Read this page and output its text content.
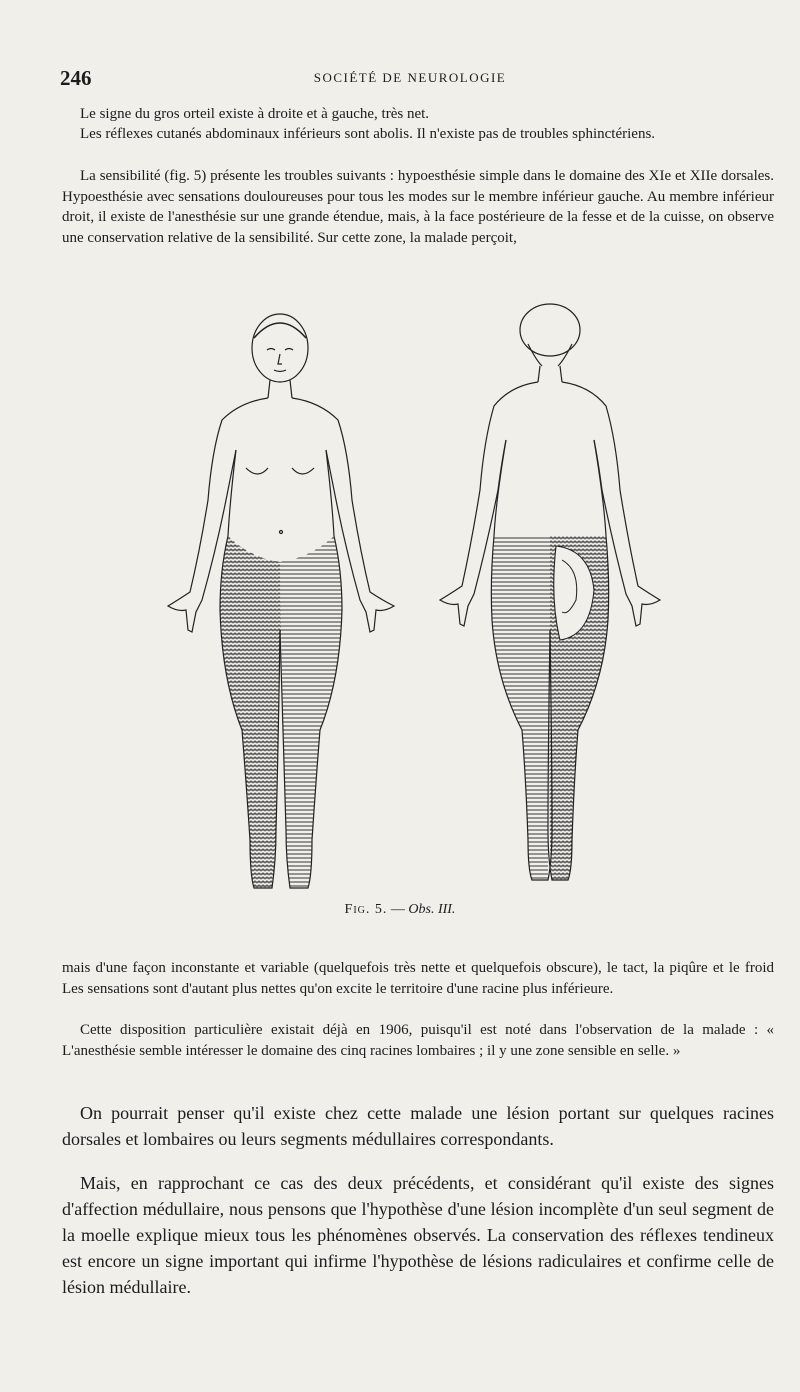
246	SOCIÉTÉ DE NEUROLOGIE

Le signe du gros orteil existe à droite et à gauche, très net.

Les réflexes cutanés abdominaux inférieurs sont abolis. Il n'existe pas de troubles sphinctériens.

La sensibilité (fig. 5) présente les troubles suivants : hypoesthésie simple dans le domaine des XIe et XIIe dorsales. Hypoesthésie avec sensations douloureuses pour tous les modes sur le membre inférieur gauche. Au membre inférieur droit, il existe de l'anesthésie sur une grande étendue, mais, à la face postérieure de la fesse et de la cuisse, on observe une conservation relative de la sensibilité. Sur cette zone, la malade perçoit,

Fig. 5. — Obs. III.

mais d'une façon inconstante et variable (quelquefois très nette et quelquefois obscure), le tact, la piqûre et le froid Les sensations sont d'autant plus nettes qu'on excite le territoire d'une racine plus inférieure.

Cette disposition particulière existait déjà en 1906, puisqu'il est noté dans l'observation de la malade : « L'anesthésie semble intéresser le domaine des cinq racines lombaires ; il y une zone sensible en selle. »

On pourrait penser qu'il existe chez cette malade une lésion portant sur quelques racines dorsales et lombaires ou leurs segments médullaires correspondants.

Mais, en rapprochant ce cas des deux précédents, et considérant qu'il existe des signes d'affection médullaire, nous pensons que l'hypothèse d'une lésion incomplète d'un seul segment de la moelle explique mieux tous les phénomènes observés. La conservation des réflexes tendineux est encore un signe important qui infirme l'hypothèse de lésions radiculaires et confirme celle de lésion médullaire.
